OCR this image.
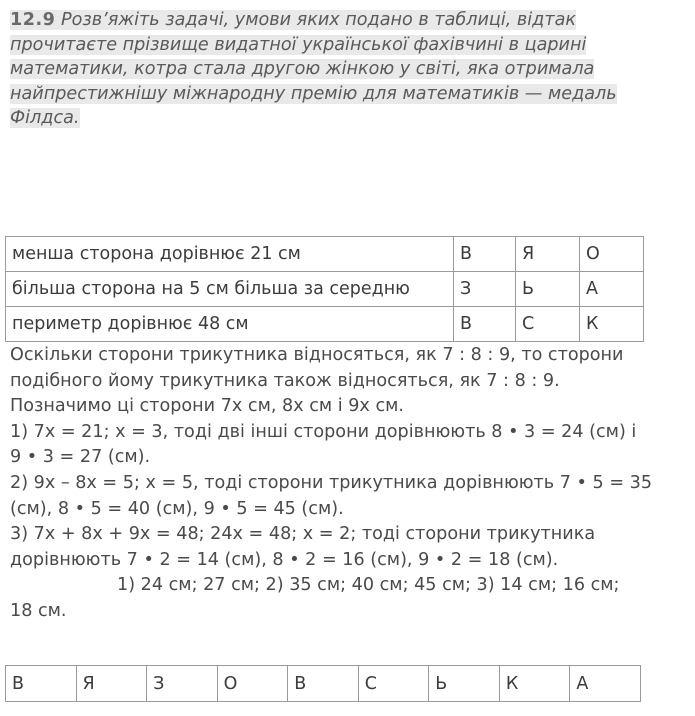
12.9 Розв’яжіть задачі, умови яких подано в таблиці, відтак
прочитаєте прізвище видатної української фахівчині в царині
математики, котра стала другою жінкою у світі, яка отримала
найпрестижнішу міжнародну премію для математиків — медаль
Філдса.
менша сторона дорівнює 21 см	В	Я	О
більша сторона на 5 см більша за середню	З	Ь	А
периметр дорівнює 48 см	В	С	К
Оскільки сторони трикутника відносяться, як 7 : 8 : 9, то сторони
подібного йому трикутника також відносяться, як 7 : 8 : 9.
Позначимо ці сторони 7х см, 8х см і 9х см.
1) 7х = 21; х = 3, тоді дві інші сторони дорівнюють 8 • 3 = 24 (см) і
9 • 3 = 27 (см).
2) 9х – 8х = 5; х = 5, тоді сторони трикутника дорівнюють 7 • 5 = 35
(см), 8 • 5 = 40 (см), 9 • 5 = 45 (см).
3) 7х + 8х + 9х = 48; 24х = 48; х = 2; тоді сторони трикутника
дорівнюють 7 • 2 = 14 (см), 8 • 2 = 16 (см), 9 • 2 = 18 (см).
1) 24 см; 27 см; 2) 35 см; 40 см; 45 см; 3) 14 см; 16 см;
18 см.
В	Я	З	О	В	С	Ь	К	А
